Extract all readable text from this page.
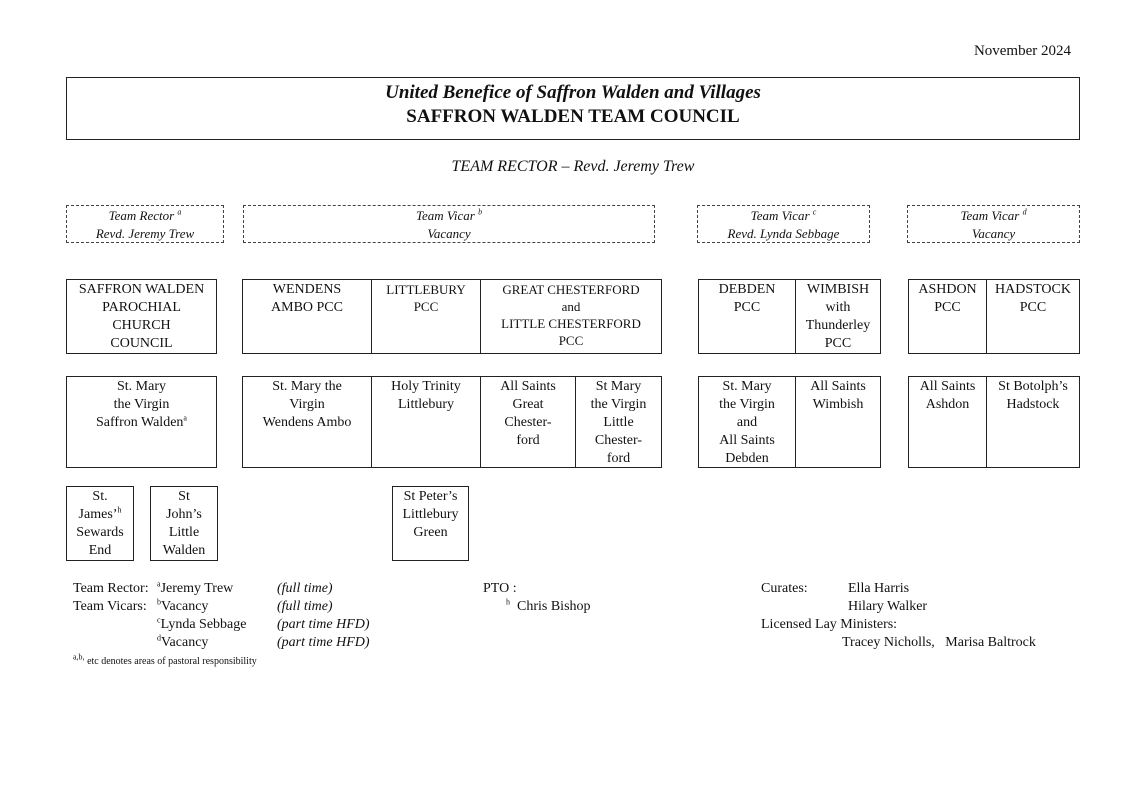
November 2024
United Benefice of Saffron Walden and Villages
SAFFRON WALDEN TEAM COUNCIL
TEAM RECTOR – Revd. Jeremy Trew
Team Rector $^a$
Revd. Jeremy Trew
Team Vicar $^b$
Vacancy
Team Vicar $^c$
Revd. Lynda Sebbage
Team Vicar $^d$
Vacancy
SAFFRON WALDEN
PAROCHIAL
CHURCH
COUNCIL
WENDENS
AMBO PCC
LITTLEBURY
PCC
GREAT CHESTERFORD
and
LITTLE CHESTERFORD
PCC
DEBDEN
PCC
WIMBISH
with
Thunderley
PCC
ASHDON
PCC
HADSTOCK
PCC
St. Mary
the Virgin
Saffron Walden$^a$
St. Mary the
Virgin
Wendens Ambo
Holy Trinity
Littlebury
All Saints
Great
Chester-
ford
St Mary
the Virgin
Little
Chester-
ford
St. Mary
the Virgin
and
All Saints
Debden
All Saints
Wimbish
All Saints
Ashdon
St Botolph’s
Hadstock
St.
James’$^h$
Sewards
End
St
John’s
Little
Walden
St Peter’s
Littlebury
Green
Team Rector:
Team Vicars:
$^a$Jeremy Trew
$^b$Vacancy
$^c$Lynda Sebbage
$^d$Vacancy
(full time)
(full time)
(part time HFD)
(part time HFD)
$^{a,b,}$ etc denotes areas of pastoral responsibility
PTO :
$^h$ Chris Bishop
Curates:	Ella Harris
Hilary Walker
Licensed Lay Ministers:
Tracey Nicholls,   Marisa Baltrock
